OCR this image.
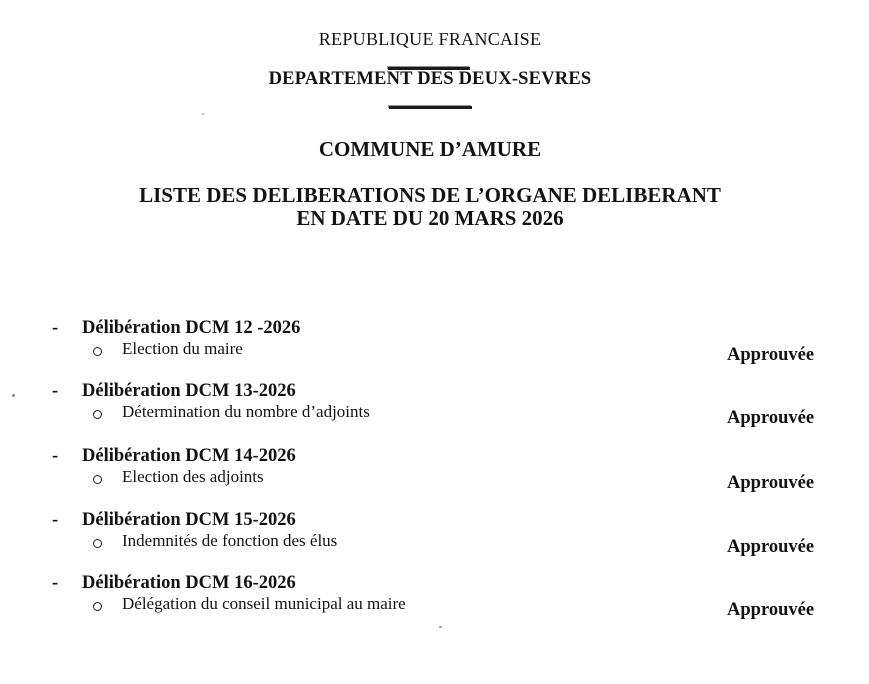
REPUBLIQUE FRANCAISE
DEPARTEMENT DES DEUX-SEVRES
COMMUNE D’AMURE
LISTE DES DELIBERATIONS DE L’ORGANE DELIBERANT
EN DATE DU 20 MARS 2026
- Délibération DCM 12 -2026
Election du maire	Approuvée
- Délibération DCM 13-2026
Détermination du nombre d’adjoints	Approuvée
- Délibération DCM 14-2026
Election des adjoints	Approuvée
- Délibération DCM 15-2026
Indemnités de fonction des élus	Approuvée
- Délibération DCM 16-2026
Délégation du conseil municipal au maire	Approuvée
